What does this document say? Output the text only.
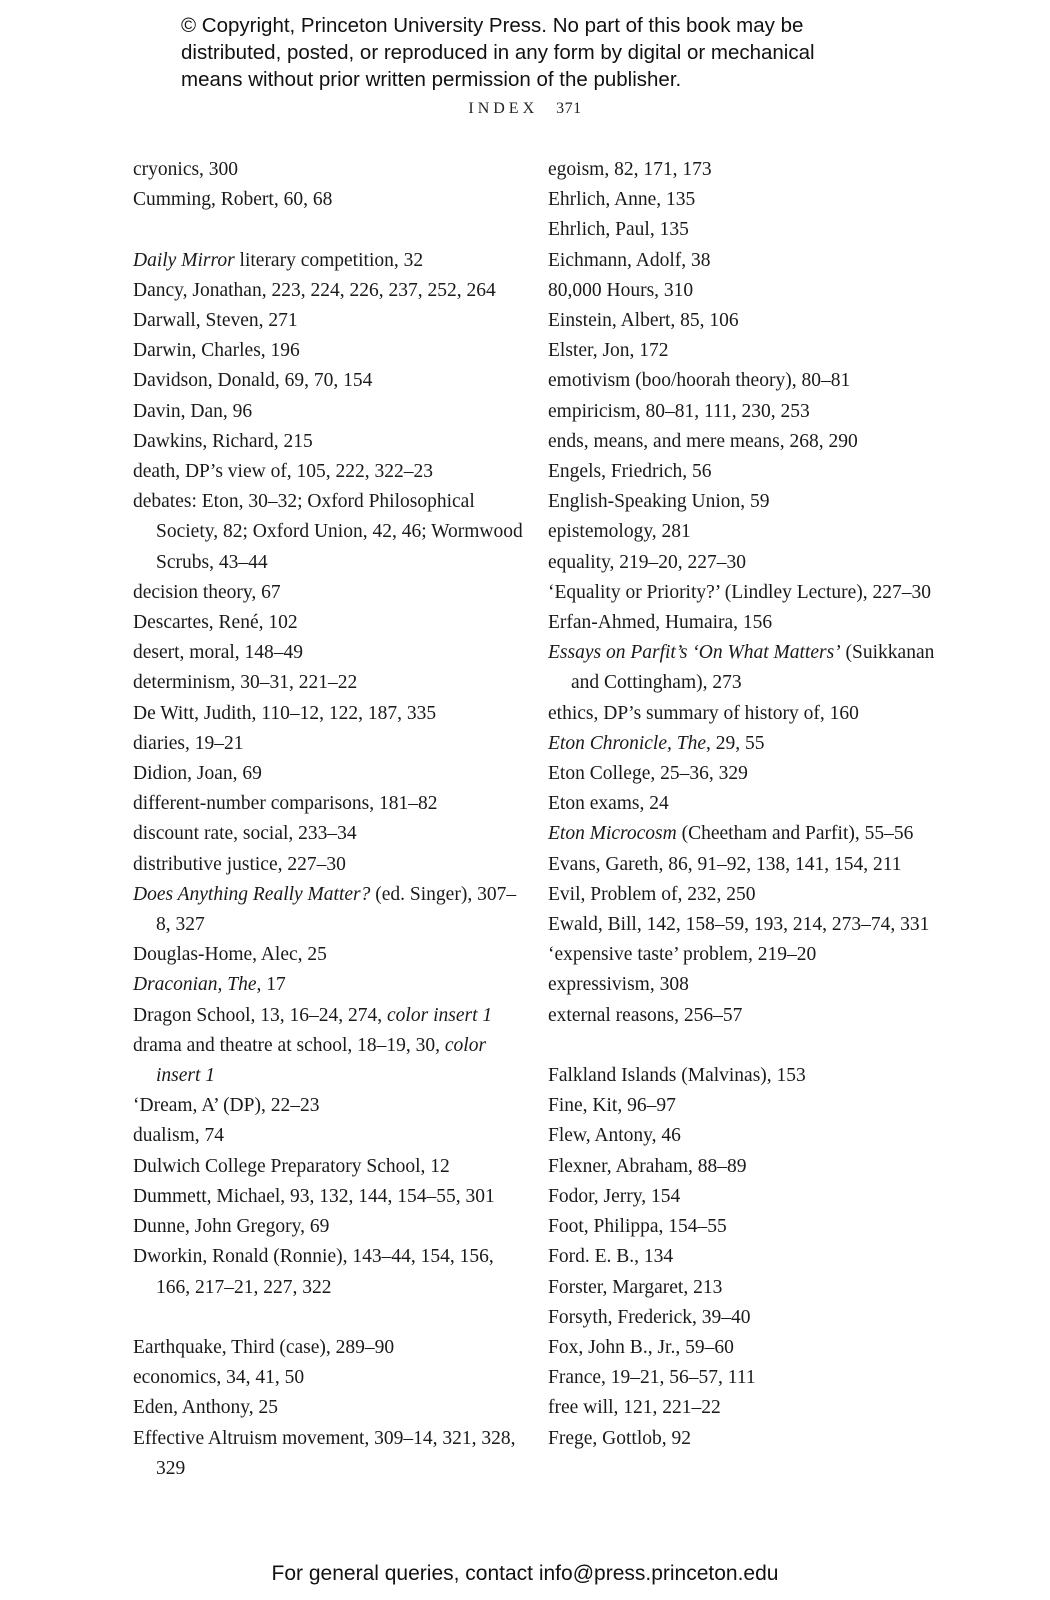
© Copyright, Princeton University Press. No part of this book may be
distributed, posted, or reproduced in any form by digital or mechanical
means without prior written permission of the publisher.
INDEX 371
cryonics, 300
Cumming, Robert, 60, 68
Daily Mirror literary competition, 32
Dancy, Jonathan, 223, 224, 226, 237, 252, 264
Darwall, Steven, 271
Darwin, Charles, 196
Davidson, Donald, 69, 70, 154
Davin, Dan, 96
Dawkins, Richard, 215
death, DP’s view of, 105, 222, 322–23
debates: Eton, 30–32; Oxford Philosophical Society, 82; Oxford Union, 42, 46; Wormwood Scrubs, 43–44
decision theory, 67
Descartes, René, 102
desert, moral, 148–49
determinism, 30–31, 221–22
De Witt, Judith, 110–12, 122, 187, 335
diaries, 19–21
Didion, Joan, 69
different-number comparisons, 181–82
discount rate, social, 233–34
distributive justice, 227–30
Does Anything Really Matter? (ed. Singer), 307–8, 327
Douglas-Home, Alec, 25
Draconian, The, 17
Dragon School, 13, 16–24, 274, color insert 1
drama and theatre at school, 18–19, 30, color insert 1
‘Dream, A’ (DP), 22–23
dualism, 74
Dulwich College Preparatory School, 12
Dummett, Michael, 93, 132, 144, 154–55, 301
Dunne, John Gregory, 69
Dworkin, Ronald (Ronnie), 143–44, 154, 156, 166, 217–21, 227, 322
Earthquake, Third (case), 289–90
economics, 34, 41, 50
Eden, Anthony, 25
Effective Altruism movement, 309–14, 321, 328, 329
egoism, 82, 171, 173
Ehrlich, Anne, 135
Ehrlich, Paul, 135
Eichmann, Adolf, 38
80,000 Hours, 310
Einstein, Albert, 85, 106
Elster, Jon, 172
emotivism (boo/hoorah theory), 80–81
empiricism, 80–81, 111, 230, 253
ends, means, and mere means, 268, 290
Engels, Friedrich, 56
English-Speaking Union, 59
epistemology, 281
equality, 219–20, 227–30
‘Equality or Priority?’ (Lindley Lecture), 227–30
Erfan-Ahmed, Humaira, 156
Essays on Parfit’s ‘On What Matters’ (Suikkanan and Cottingham), 273
ethics, DP’s summary of history of, 160
Eton Chronicle, The, 29, 55
Eton College, 25–36, 329
Eton exams, 24
Eton Microcosm (Cheetham and Parfit), 55–56
Evans, Gareth, 86, 91–92, 138, 141, 154, 211
Evil, Problem of, 232, 250
Ewald, Bill, 142, 158–59, 193, 214, 273–74, 331
‘expensive taste’ problem, 219–20
expressivism, 308
external reasons, 256–57
Falkland Islands (Malvinas), 153
Fine, Kit, 96–97
Flew, Antony, 46
Flexner, Abraham, 88–89
Fodor, Jerry, 154
Foot, Philippa, 154–55
Ford. E. B., 134
Forster, Margaret, 213
Forsyth, Frederick, 39–40
Fox, John B., Jr., 59–60
France, 19–21, 56–57, 111
free will, 121, 221–22
Frege, Gottlob, 92
For general queries, contact info@press.princeton.edu
